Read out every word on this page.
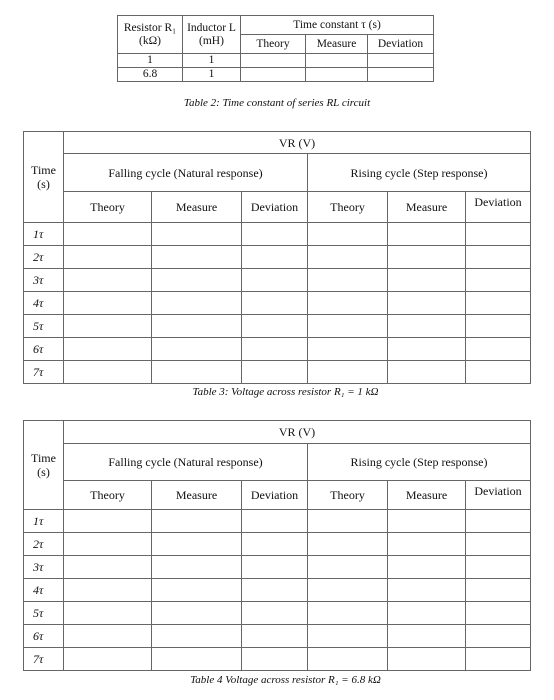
Resistor R₁ (kΩ)	Inductor L (mH)	Time constant τ (s)		
		Theory	Measure	Deviation
1	1			
6.8	1			
Table 2: Time constant of series RL circuit
Time (s)	VR (V)					
	Falling cycle (Natural response)			Rising cycle (Step response)		
	Theory	Measure	Deviation	Theory	Measure	Deviation
1τ						
2τ						
3τ						
4τ						
5τ						
6τ						
7τ						
Table 3: Voltage across resistor R₁ = 1 kΩ
Time (s)	VR (V)					
	Falling cycle (Natural response)			Rising cycle (Step response)		
	Theory	Measure	Deviation	Theory	Measure	Deviation
1τ						
2τ						
3τ						
4τ						
5τ						
6τ						
7τ						
Table 4 Voltage across resistor R₁ = 6.8 kΩ
